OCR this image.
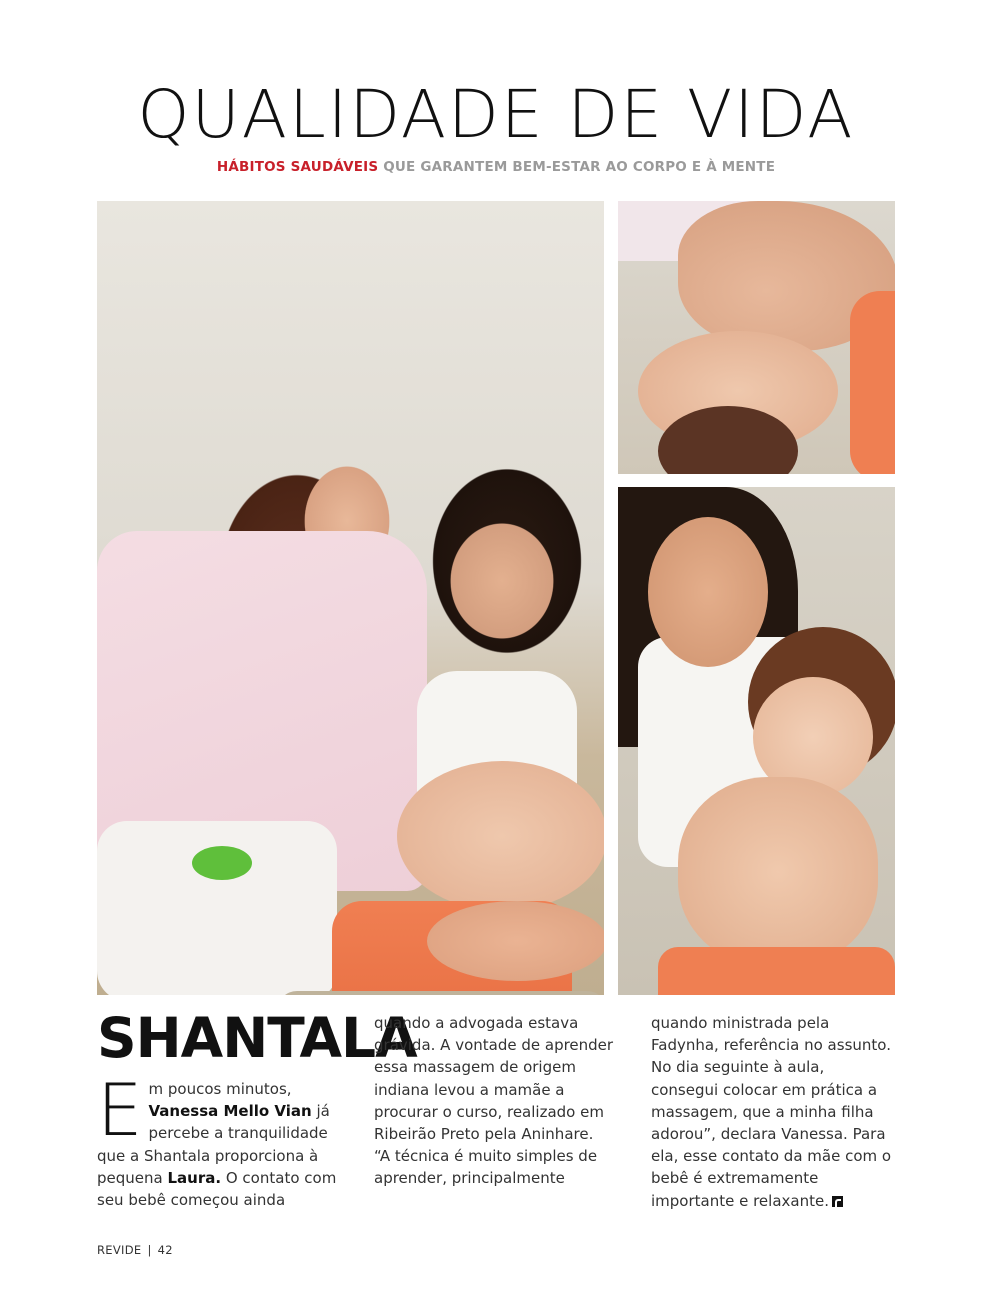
QUALIDADE DE VIDA
HÁBITOS SAUDÁVEIS QUE GARANTEM BEM-ESTAR AO CORPO E À MENTE
SHANTALA
Em poucos minutos, Vanessa Mello Vian já percebe a tranquilidade que a Shantala proporciona à pequena Laura. O contato com seu bebê começou ainda

quando a advogada estava grávida. A vontade de aprender essa massagem de origem indiana levou a mamãe a procurar o curso, realizado em Ribeirão Preto pela Aninhare. “A técnica é muito simples de aprender, principalmente

quando ministrada pela Fadynha, referência no assunto. No dia seguinte à aula, consegui colocar em prática a massagem, que a minha filha adorou”, declara Vanessa. Para ela, esse contato da mãe com o bebê é extremamente importante e relaxante.

REVIDE | 42
